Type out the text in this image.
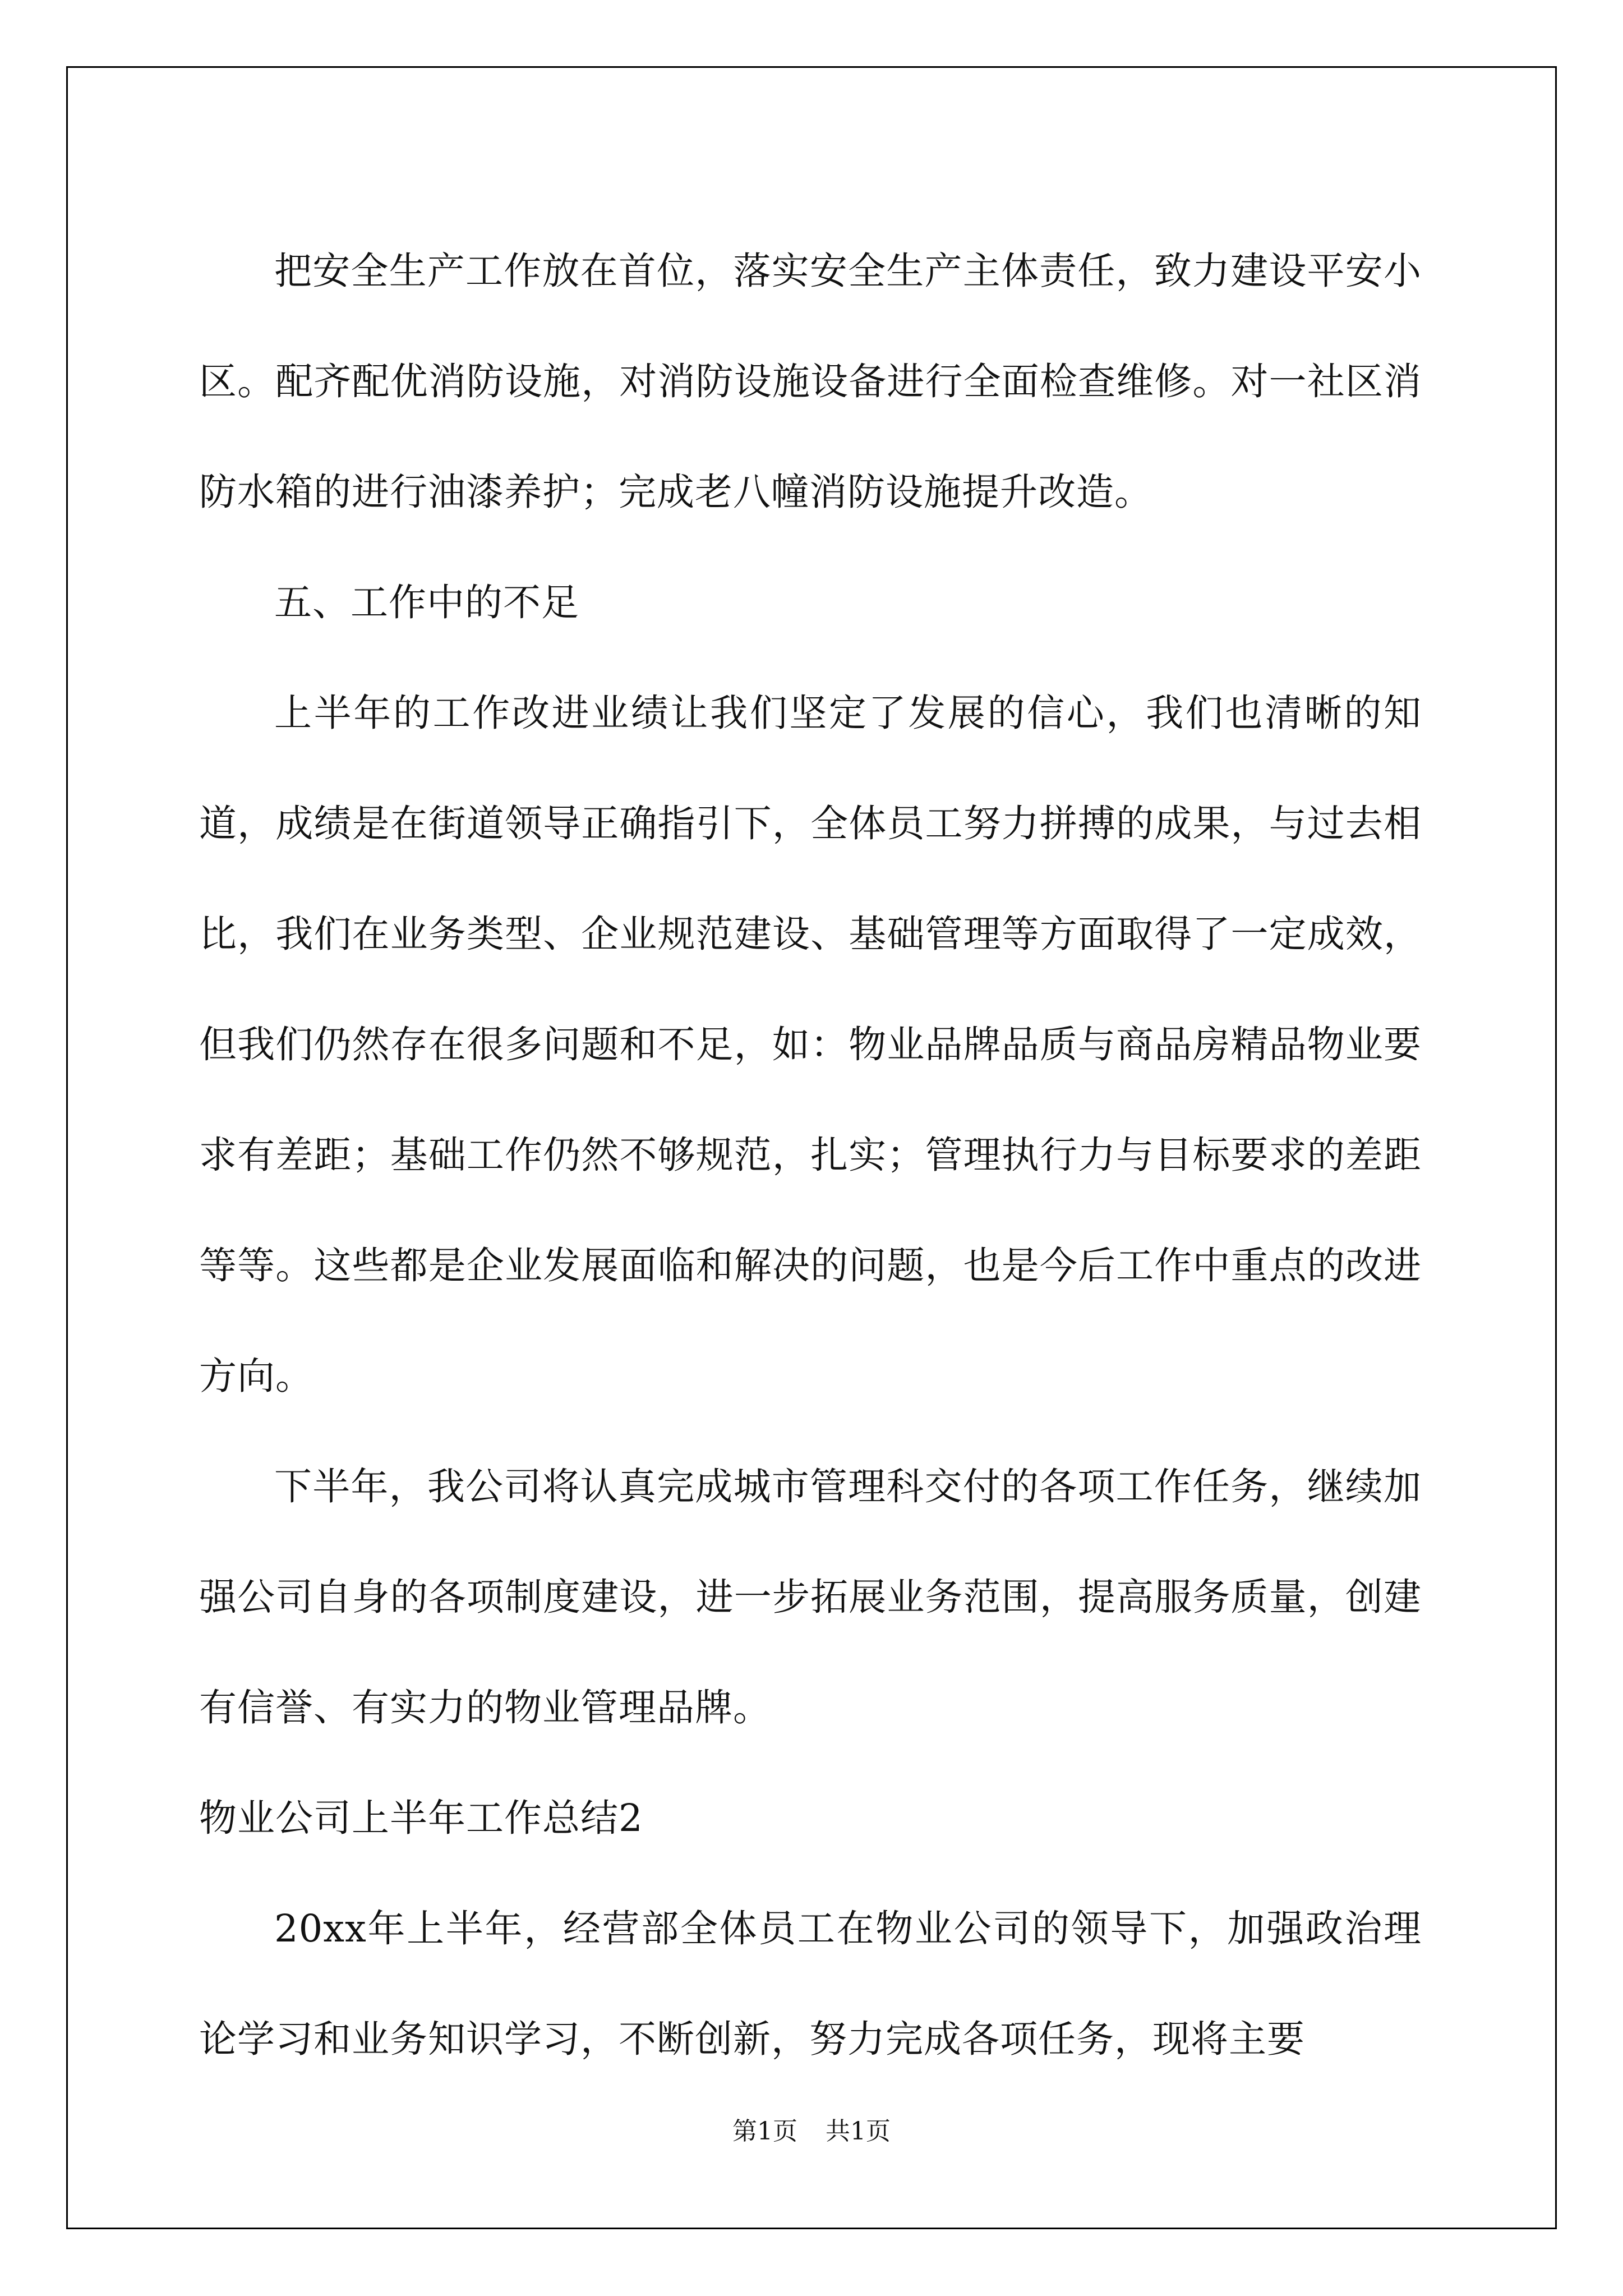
把安全生产工作放在首位，落实安全生产主体责任，致力建设平安小区。配齐配优消防设施，对消防设施设备进行全面检查维修。对一社区消防水箱的进行油漆养护；完成老八幢消防设施提升改造。

五、工作中的不足

上半年的工作改进业绩让我们坚定了发展的信心，我们也清晰的知道，成绩是在街道领导正确指引下，全体员工努力拼搏的成果，与过去相比，我们在业务类型、企业规范建设、基础管理等方面取得了一定成效，但我们仍然存在很多问题和不足，如：物业品牌品质与商品房精品物业要求有差距；基础工作仍然不够规范，扎实；管理执行力与目标要求的差距等等。这些都是企业发展面临和解决的问题，也是今后工作中重点的改进方向。

下半年，我公司将认真完成城市管理科交付的各项工作任务，继续加强公司自身的各项制度建设，进一步拓展业务范围，提高服务质量，创建有信誉、有实力的物业管理品牌。

物业公司上半年工作总结2

20xx年上半年，经营部全体员工在物业公司的领导下，加强政治理论学习和业务知识学习，不断创新，努力完成各项任务，现将主要

第1页 共1页
